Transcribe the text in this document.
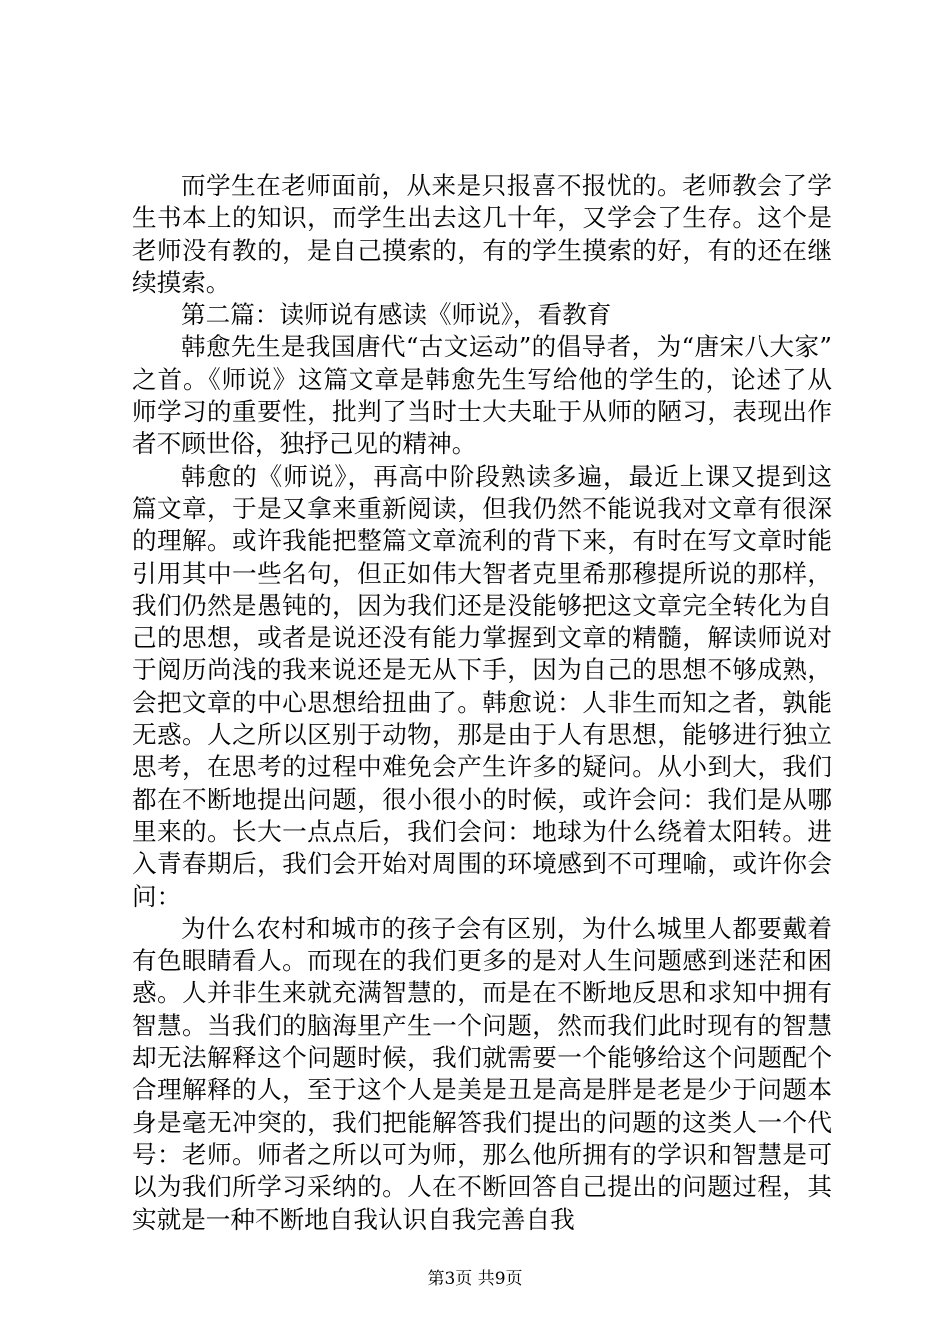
而学生在老师面前，从来是只报喜不报忧的。老师教会了学生书本上的知识，而学生出去这几十年，又学会了生存。这个是老师没有教的，是自己摸索的，有的学生摸索的好，有的还在继续摸索。

第二篇：读师说有感读《师说》，看教育

韩愈先生是我国唐代“古文运动”的倡导者，为“唐宋八大家”之首。《师说》这篇文章是韩愈先生写给他的学生的，论述了从师学习的重要性，批判了当时士大夫耻于从师的陋习，表现出作者不顾世俗，独抒己见的精神。

韩愈的《师说》，再高中阶段熟读多遍，最近上课又提到这篇文章，于是又拿来重新阅读，但我仍然不能说我对文章有很深的理解。或许我能把整篇文章流利的背下来，有时在写文章时能引用其中一些名句，但正如伟大智者克里希那穆提所说的那样，我们仍然是愚钝的，因为我们还是没能够把这文章完全转化为自己的思想，或者是说还没有能力掌握到文章的精髓，解读师说对于阅历尚浅的我来说还是无从下手，因为自己的思想不够成熟，会把文章的中心思想给扭曲了。韩愈说：人非生而知之者，孰能无惑。人之所以区别于动物，那是由于人有思想，能够进行独立思考，在思考的过程中难免会产生许多的疑问。从小到大，我们都在不断地提出问题，很小很小的时候，或许会问：我们是从哪里来的。长大一点点后，我们会问：地球为什么绕着太阳转。进入青春期后，我们会开始对周围的环境感到不可理喻，或许你会问：

为什么农村和城市的孩子会有区别，为什么城里人都要戴着有色眼睛看人。而现在的我们更多的是对人生问题感到迷茫和困惑。人并非生来就充满智慧的，而是在不断地反思和求知中拥有智慧。当我们的脑海里产生一个问题，然而我们此时现有的智慧却无法解释这个问题时候，我们就需要一个能够给这个问题配个合理解释的人，至于这个人是美是丑是高是胖是老是少于问题本身是毫无冲突的，我们把能解答我们提出的问题的这类人一个代号：老师。师者之所以可为师，那么他所拥有的学识和智慧是可以为我们所学习采纳的。人在不断回答自己提出的问题过程，其实就是一种不断地自我认识自我完善自我

第3页 共9页
